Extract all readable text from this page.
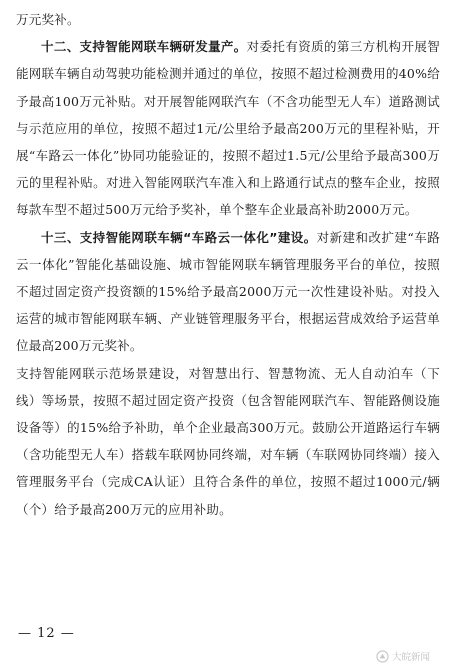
万元奖补。

十二、支持智能网联车辆研发量产。对委托有资质的第三方机构开展智能网联车辆自动驾驶功能检测并通过的单位，按照不超过检测费用的40%给予最高100万元补贴。对开展智能网联汽车（不含功能型无人车）道路测试与示范应用的单位，按照不超过1元/公里给予最高200万元的里程补贴，开展“车路云一体化”协同功能验证的，按照不超过1.5元/公里给予最高300万元的里程补贴。对进入智能网联汽车准入和上路通行试点的整车企业，按照每款车型不超过500万元给予奖补，单个整车企业最高补助2000万元。

十三、支持智能网联车辆“车路云一体化”建设。对新建和改扩建“车路云一体化”智能化基础设施、城市智能网联车辆管理服务平台的单位，按照不超过固定资产投资额的15%给予最高2000万元一次性建设补贴。对投入运营的城市智能网联车辆、产业链管理服务平台，根据运营成效给予运营单位最高200万元奖补。

支持智能网联示范场景建设，对智慧出行、智慧物流、无人自动泊车（下线）等场景，按照不超过固定资产投资（包含智能网联汽车、智能路侧设施设备等）的15%给予补助，单个企业最高300万元。鼓励公开道路运行车辆（含功能型无人车）搭载车联网协同终端，对车辆（车联网协同终端）接入管理服务平台（完成CA认证）且符合条件的单位，按照不超过1000元/辆（个）给予最高200万元的应用补助。

— 12 —
大皖新闻
